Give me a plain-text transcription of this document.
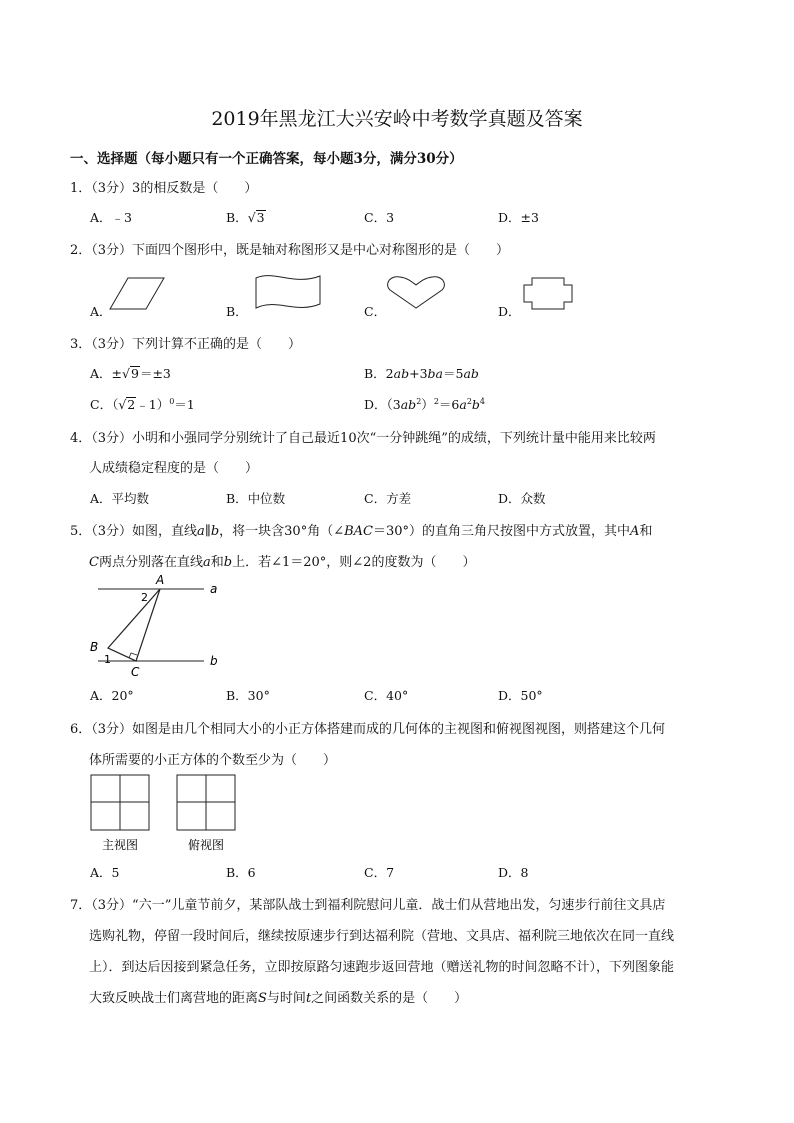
2019年黑龙江大兴安岭中考数学真题及答案
一、选择题（每小题只有一个正确答案，每小题3分，满分30分）
1．（3分）3的相反数是（　　）
A．﹣3	B．√3	C．3	D．±3
2．（3分）下面四个图形中，既是轴对称图形又是中心对称图形的是（　　）
A．	B．	C．	D．
3．（3分）下列计算不正确的是（　　）
A．±√9＝±3	B．2ab+3ba＝5ab
C．（√2﹣1）$^0$＝1	D．$(3ab^2)^2=6a^2b^4$
4．（3分）小明和小强同学分别统计了自己最近10次“一分钟跳绳”的成绩，下列统计量中能用来比较两
人成绩稳定程度的是（　　）
A．平均数	B．中位数	C．方差	D．众数
5．（3分）如图，直线a∥b，将一块含30°角（∠BAC＝30°）的直角三角尺按图中方式放置，其中A和
C两点分别落在直线a和b上．若∠1＝20°，则∠2的度数为（　　）
A
B
C
a
b
1
2
A．20°	B．30°	C．40°	D．50°
6．（3分）如图是由几个相同大小的小正方体搭建而成的几何体的主视图和俯视图视图，则搭建这个几何
体所需要的小正方体的个数至少为（　　）
主视图	俯视图
A．5	B．6	C．7	D．8
7．（3分）“六一”儿童节前夕，某部队战士到福利院慰问儿童．战士们从营地出发，匀速步行前往文具店
选购礼物，停留一段时间后，继续按原速步行到达福利院（营地、文具店、福利院三地依次在同一直线
上）．到达后因接到紧急任务，立即按原路匀速跑步返回营地（赠送礼物的时间忽略不计），下列图象能
大致反映战士们离营地的距离S与时间t之间函数关系的是（　　）
